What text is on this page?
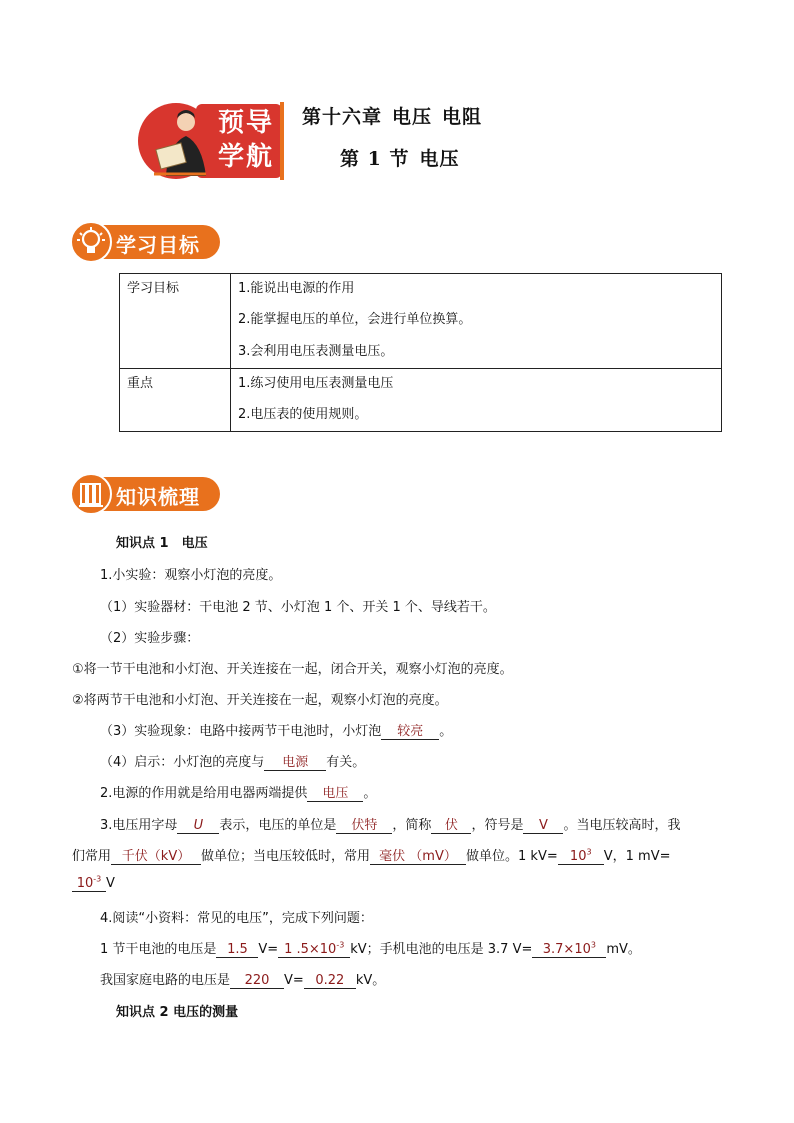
预导
学航
第十六章 电压 电阻
第 1 节 电压
学习目标
学习目标	1.能说出电源的作用
2.能掌握电压的单位，会进行单位换算。
3.会利用电压表测量电压。

重点	1.练习使用电压表测量电压
2.电压表的使用规则。
知识梳理
知识点 1　电压
1.小实验：观察小灯泡的亮度。
（1）实验器材：干电池 2 节、小灯泡 1 个、开关 1 个、导线若干。
（2）实验步骤：
①将一节干电池和小灯泡、开关连接在一起，闭合开关，观察小灯泡的亮度。
②将两节干电池和小灯泡、开关连接在一起，观察小灯泡的亮度。
（3）实验现象：电路中接两节干电池时，小灯泡 较亮 。
（4）启示：小灯泡的亮度与 电源 有关。
2.电源的作用就是给用电器两端提供 电压 。
3.电压用字母 U 表示，电压的单位是 伏特 ，简称 伏 ，符号是 V 。当电压较高时，我
们常用 千伏（kV） 做单位；当电压较低时，常用 毫伏 （mV） 做单位。1 $kV= 10^3$ V，1 mV=
$10^{-3}$ V
4.阅读“小资料：常见的电压”，完成下列问题：
1 节干电池的电压是 1.5 V= 1 $.5\times 10^{-3}$ kV；手机电池的电压是 3.7 $V= 3.7\times 10^3$ mV。
我国家庭电路的电压是 220 V= 0.22 kV。
知识点 2 电压的测量
